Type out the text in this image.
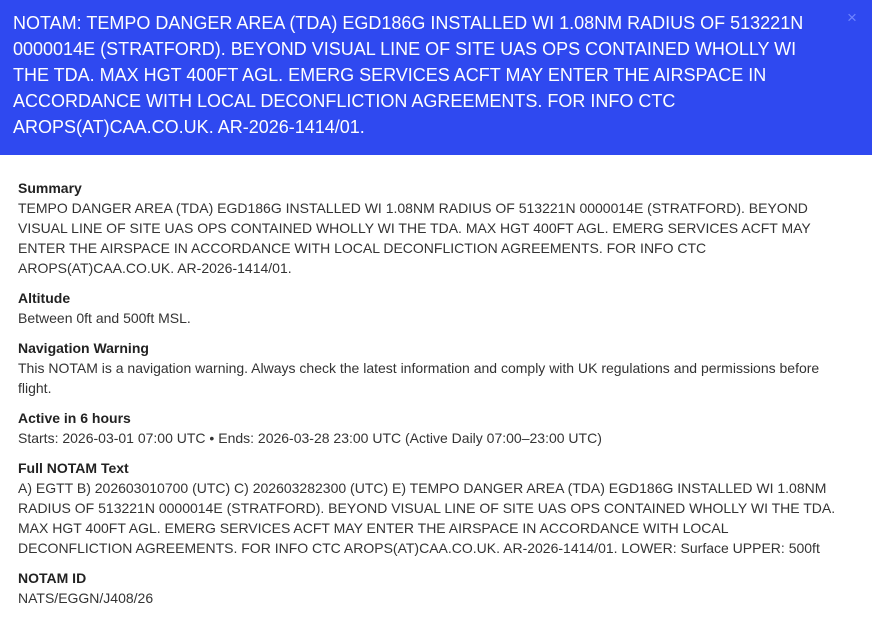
NOTAM: TEMPO DANGER AREA (TDA) EGD186G INSTALLED WI 1.08NM RADIUS OF 513221N 0000014E (STRATFORD). BEYOND VISUAL LINE OF SITE UAS OPS CONTAINED WHOLLY WI THE TDA. MAX HGT 400FT AGL. EMERG SERVICES ACFT MAY ENTER THE AIRSPACE IN ACCORDANCE WITH LOCAL DECONFLICTION AGREEMENTS. FOR INFO CTC AROPS(AT)CAA.CO.UK. AR-2026-1414/01.
×
Summary
TEMPO DANGER AREA (TDA) EGD186G INSTALLED WI 1.08NM RADIUS OF 513221N 0000014E (STRATFORD). BEYOND VISUAL LINE OF SITE UAS OPS CONTAINED WHOLLY WI THE TDA. MAX HGT 400FT AGL. EMERG SERVICES ACFT MAY ENTER THE AIRSPACE IN ACCORDANCE WITH LOCAL DECONFLICTION AGREEMENTS. FOR INFO CTC AROPS(AT)CAA.CO.UK. AR-2026-1414/01.
Altitude
Between 0ft and 500ft MSL.
Navigation Warning
This NOTAM is a navigation warning. Always check the latest information and comply with UK regulations and permissions before flight.
Active in 6 hours
Starts: 2026-03-01 07:00 UTC • Ends: 2026-03-28 23:00 UTC (Active Daily 07:00–23:00 UTC)
Full NOTAM Text
A) EGTT B) 202603010700 (UTC) C) 202603282300 (UTC) E) TEMPO DANGER AREA (TDA) EGD186G INSTALLED WI 1.08NM RADIUS OF 513221N 0000014E (STRATFORD). BEYOND VISUAL LINE OF SITE UAS OPS CONTAINED WHOLLY WI THE TDA. MAX HGT 400FT AGL. EMERG SERVICES ACFT MAY ENTER THE AIRSPACE IN ACCORDANCE WITH LOCAL DECONFLICTION AGREEMENTS. FOR INFO CTC AROPS(AT)CAA.CO.UK. AR-2026-1414/01. LOWER: Surface UPPER: 500ft
NOTAM ID
NATS/EGGN/J408/26
